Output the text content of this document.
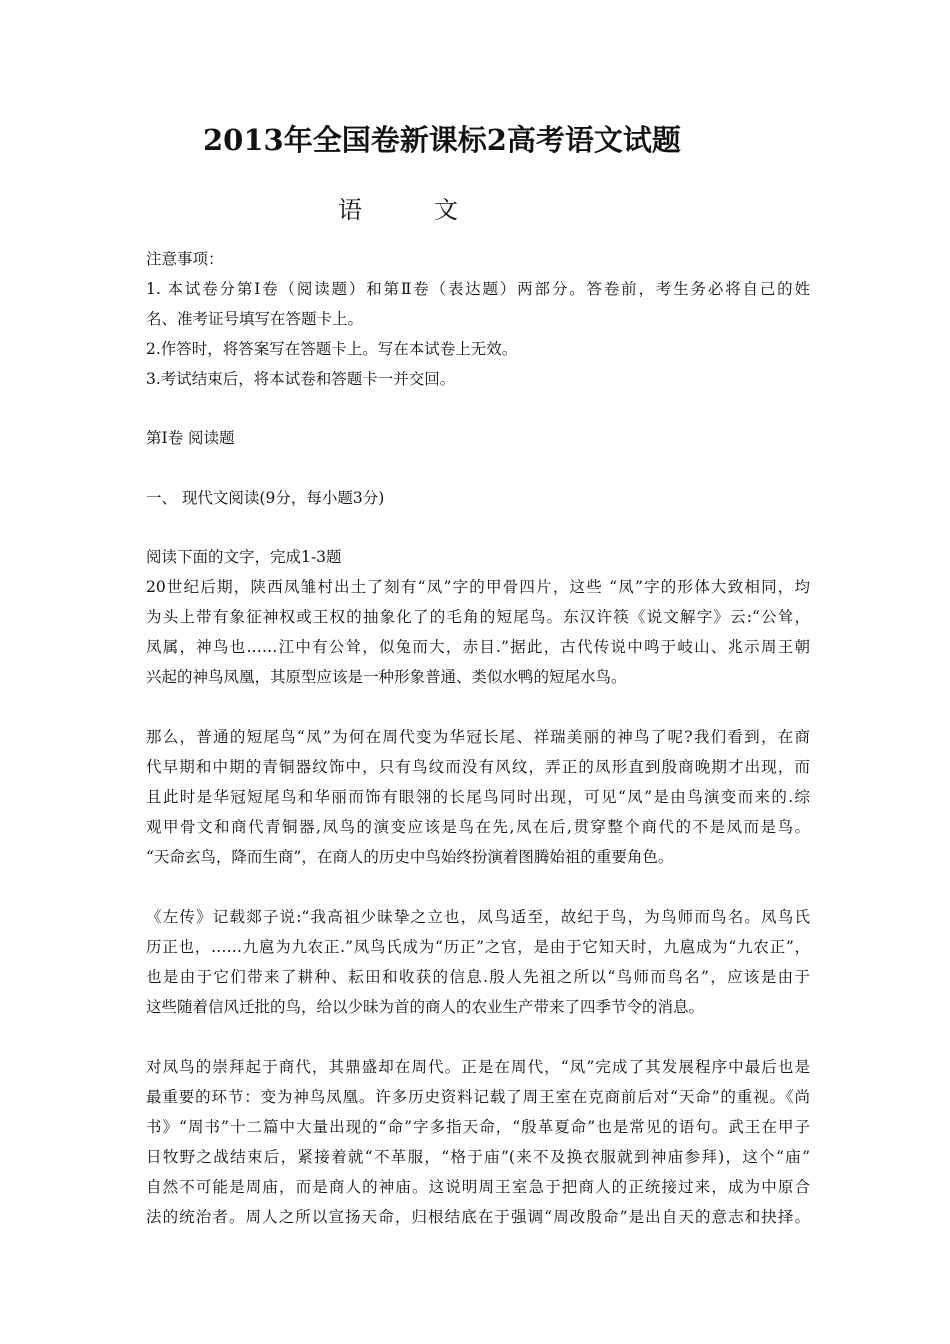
2013年全国卷新课标2高考语文试题
语	文
注意事项：
1. 本试卷分第Ⅰ卷（阅读题）和第Ⅱ卷（表达题）两部分。答卷前，考生务必将自己的姓
名、准考证号填写在答题卡上。
2.作答时，将答案写在答题卡上。写在本试卷上无效。
3.考试结束后，将本试卷和答题卡一并交回。
第Ⅰ卷 阅读题
一、 现代文阅读(9分，每小题3分)
阅读下面的文字，完成1-3题
20世纪后期，陕西凤雏村出土了刻有“凤”字的甲骨四片，这些 “凤”字的形体大致相同，均
为头上带有象征神权或王权的抽象化了的毛角的短尾鸟。东汉许筷《说文解字》云:“公耸，
凤属，神鸟也……江中有公耸，似兔而大，赤目.”据此，古代传说中鸣于岐山、兆示周王朝
兴起的神鸟凤凰，其原型应该是一种形象普通、类似水鸭的短尾水鸟。
那么，普通的短尾鸟“凤”为何在周代变为华冠长尾、祥瑞美丽的神鸟了呢?我们看到，在商
代早期和中期的青铜器纹饰中，只有鸟纹而没有风纹，弄正的凤形直到殷商晚期才出现，而
且此时是华冠短尾鸟和华丽而饰有眼翎的长尾鸟同时出现，可见“凤”是由鸟演变而来的.综
观甲骨文和商代青铜器,凤鸟的演变应该是鸟在先,凤在后,贯穿整个商代的不是凤而是鸟。
“天命玄鸟，降而生商”，在商人的历史中鸟始终扮演着图腾始祖的重要角色。
《左传》记载郯子说:“我高祖少昧挚之立也，凤鸟适至，故纪于鸟，为鸟师而鸟名。凤鸟氏
历正也，……九扈为九农正.”凤鸟氏成为“历正”之官，是由于它知天时，九扈成为“九农正”，
也是由于它们带来了耕种、耘田和收获的信息.殷人先祖之所以“鸟师而鸟名”，应该是由于
这些随着信风迁批的鸟，给以少昧为首的商人的农业生产带来了四季节令的消息。
对凤鸟的崇拜起于商代，其鼎盛却在周代。正是在周代，“凤”完成了其发展程序中最后也是
最重要的环节：变为神鸟凤凰。许多历史资料记载了周王室在克商前后对“天命”的重视。《尚
书》“周书”十二篇中大量出现的“命”字多指天命，“殷革夏命”也是常见的语句。武王在甲子
日牧野之战结束后，紧接着就“不革服，“格于庙”(来不及换衣服就到神庙参拜)，这个“庙”
自然不可能是周庙，而是商人的神庙。这说明周王室急于把商人的正统接过来，成为中原合
法的统治者。周人之所以宣扬天命，归根结底在于强调“周改殷命”是出自天的意志和抉择。
